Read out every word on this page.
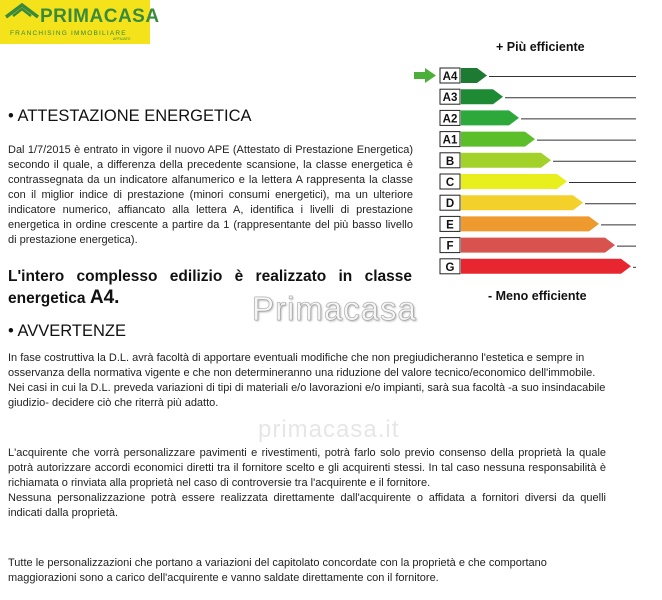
PRIMACASA
FRANCHISING IMMOBILIARE
AFFILIATO
+ Più efficiente
- Meno efficiente
A4
A3
A2
A1
B
C
D
E
F
G
• ATTESTAZIONE ENERGETICA

Dal 1/7/2015 è entrato in vigore il nuovo APE (Attestato di Prestazione Energetica) secondo il quale, a differenza della precedente scansione, la classe energetica è contrassegnata da un indicatore alfanumerico e la lettera A rappresenta la classe con il miglior indice di prestazione (minori consumi energetici), ma un ulteriore indicatore numerico, affiancato alla lettera A, identifica i livelli di prestazione energetica in ordine crescente a partire da 1 (rappresentante del più basso livello di prestazione energetica).

L'intero complesso edilizio è realizzato in classe energetica A4.
• AVVERTENZE
In fase costruttiva la D.L. avrà facoltà di apportare eventuali modifiche che non pregiudicheranno l'estetica e sempre in osservanza della normativa vigente e che non determineranno una riduzione del valore tecnico/economico dell'immobile.
Nei casi in cui la D.L. preveda variazioni di tipi di materiali e/o lavorazioni e/o impianti, sarà sua facoltà -a suo insindacabile giudizio- decidere ciò che riterrà più adatto.
L'acquirente che vorrà personalizzare pavimenti e rivestimenti, potrà farlo solo previo consenso della proprietà la quale potrà autorizzare accordi economici diretti tra il fornitore scelto e gli acquirenti stessi. In tal caso nessuna responsabilità è richiamata o rinviata alla proprietà nel caso di controversie tra l'acquirente e il fornitore.
Nessuna personalizzazione potrà essere realizzata direttamente dall'acquirente o affidata a fornitori diversi da quelli indicati dalla proprietà.

Tutte le personalizzazioni che portano a variazioni del capitolato concordate con la proprietà e che comportano maggiorazioni sono a carico dell'acquirente e vanno saldate direttamente con il fornitore.

Primacasa
primacasa.it
